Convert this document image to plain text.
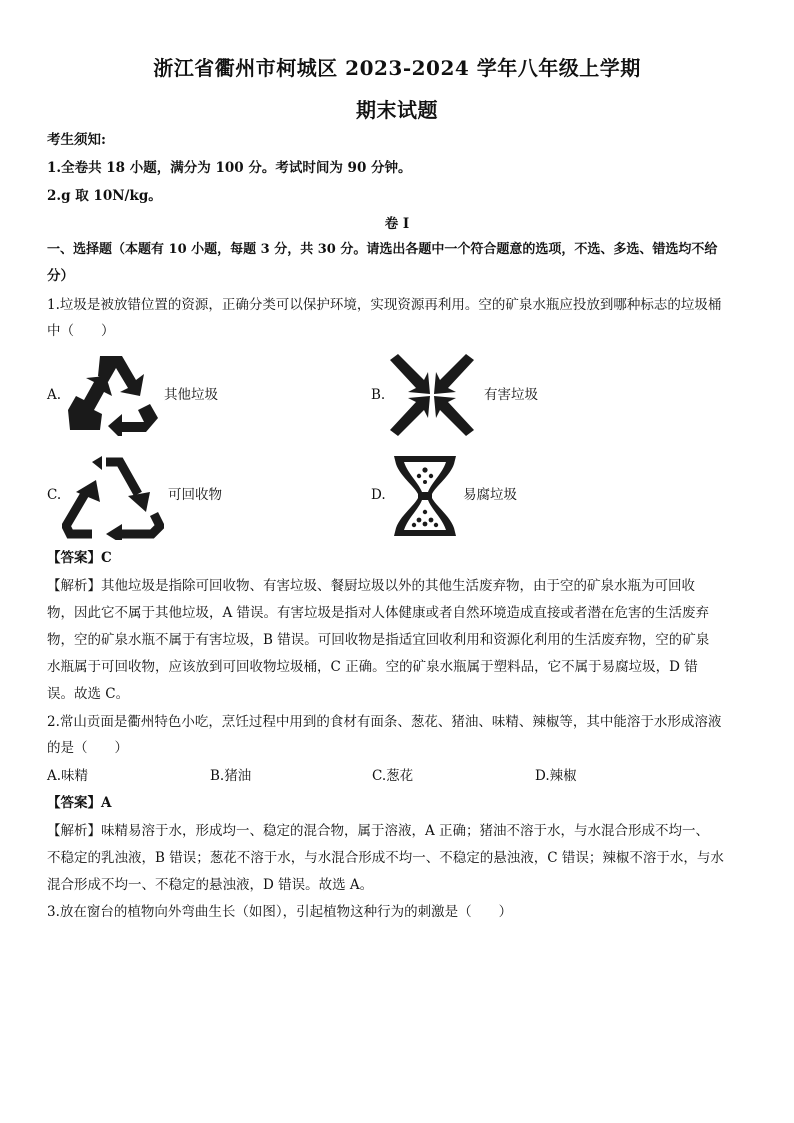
浙江省衢州市柯城区 2023-2024 学年八年级上学期
期末试题
考生须知:
1.全卷共 18 小题，满分为 100 分。考试时间为 90 分钟。
2.g 取 10N/kg。
卷 I
一、选择题（本题有 10 小题，每题 3 分，共 30 分。请选出各题中一个符合题意的选项，不选、多选、错选均不给
分）
1.垃圾是被放错位置的资源，正确分类可以保护环境，实现资源再利用。空的矿泉水瓶应投放到哪种标志的垃圾桶
中（　　）
A.	其他垃圾	B.	有害垃圾
C.	可回收物	D.	易腐垃圾
【答案】C
【解析】其他垃圾是指除可回收物、有害垃圾、餐厨垃圾以外的其他生活废弃物，由于空的矿泉水瓶为可回收
物，因此它不属于其他垃圾，A 错误。有害垃圾是指对人体健康或者自然环境造成直接或者潜在危害的生活废弃
物，空的矿泉水瓶不属于有害垃圾，B 错误。可回收物是指适宜回收利用和资源化利用的生活废弃物，空的矿泉
水瓶属于可回收物，应该放到可回收物垃圾桶，C 正确。空的矿泉水瓶属于塑料品，它不属于易腐垃圾，D 错
误。故选 C。
2.常山贡面是衢州特色小吃，烹饪过程中用到的食材有面条、葱花、猪油、味精、辣椒等，其中能溶于水形成溶液
的是（　　）
A.味精	B.猪油	C.葱花	D.辣椒
【答案】A
【解析】味精易溶于水，形成均一、稳定的混合物，属于溶液，A 正确；猪油不溶于水，与水混合形成不均一、
不稳定的乳浊液，B 错误；葱花不溶于水，与水混合形成不均一、不稳定的悬浊液，C 错误；辣椒不溶于水，与水
混合形成不均一、不稳定的悬浊液，D 错误。故选 A。
3.放在窗台的植物向外弯曲生长（如图），引起植物这种行为的刺激是（　　）
